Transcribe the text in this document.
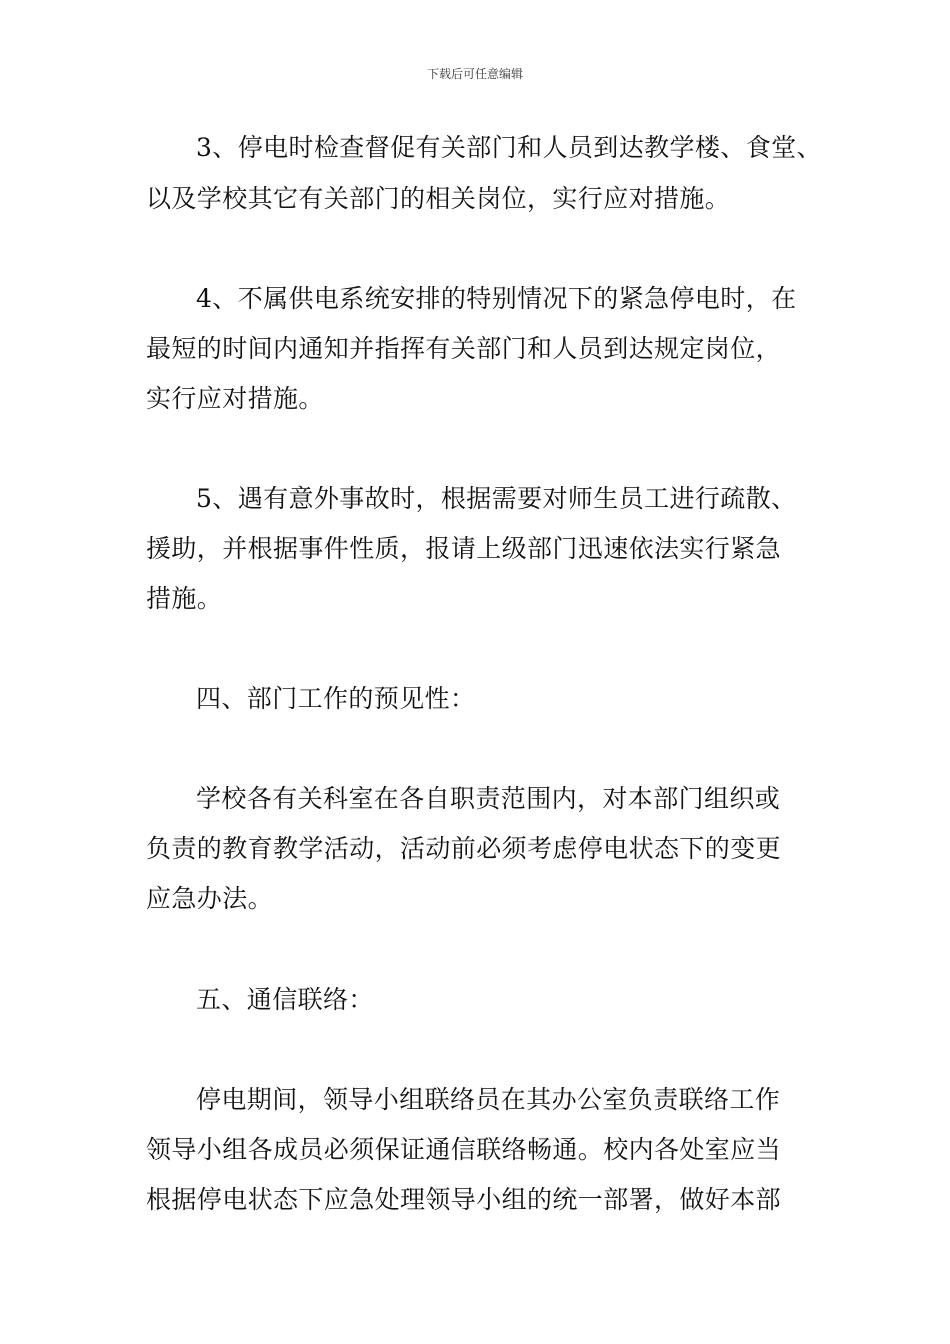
下载后可任意编辑
3、停电时检查督促有关部门和人员到达教学楼、食堂、
以及学校其它有关部门的相关岗位，实行应对措施。
4、不属供电系统安排的特别情况下的紧急停电时，在
最短的时间内通知并指挥有关部门和人员到达规定岗位，
实行应对措施。
5、遇有意外事故时，根据需要对师生员工进行疏散、
援助，并根据事件性质，报请上级部门迅速依法实行紧急
措施。
四、部门工作的预见性：
学校各有关科室在各自职责范围内，对本部门组织或
负责的教育教学活动，活动前必须考虑停电状态下的变更
应急办法。
五、通信联络：
停电期间，领导小组联络员在其办公室负责联络工作
领导小组各成员必须保证通信联络畅通。校内各处室应当
根据停电状态下应急处理领导小组的统一部署，做好本部
